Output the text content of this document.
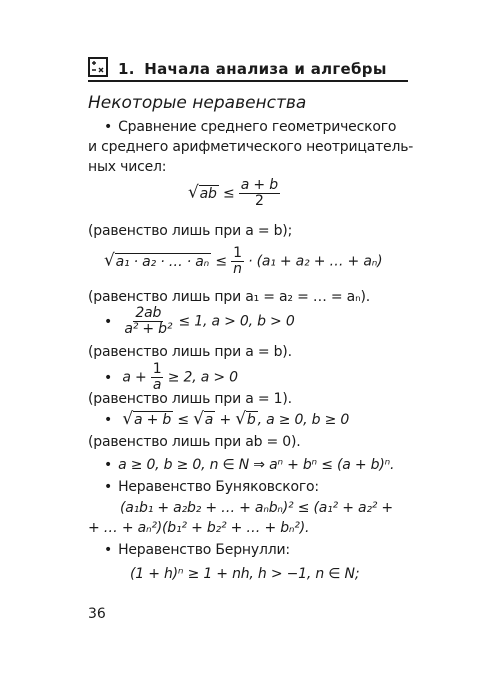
1. Начала анализа и алгебры
Некоторые неравенства
• Сравнение среднего геометрического
и среднего арифметического неотрицатель-
ных чисел:
$√ab \le \frac{a + b}{2}$
(равенство лишь при a = b);
√a₁ · a₂ · … · $a_n \le \frac{1}{n} \cdot (a_1 + a_2$ + … + aₙ)
(равенство лишь при a₁ = a₂ = … = aₙ).
• $\frac{2ab}{\text{a² + b²}} \le 1$, a > 0, b > 0
(равенство лишь при a = b).
• $a + \frac{1}{a} \ge 2$, a > 0
(равенство лишь при a = 1).
• √a + b ≤ √a + √b , a ≥ 0, b ≥ 0
(равенство лишь при ab = 0).
• a ≥ 0, b ≥ 0, n ∈ N ⇒ aⁿ + bⁿ ≤ (a + b)ⁿ.
• Неравенство Буняковского:
(a₁b₁ + a₂b₂ + … + aₙbₙ)² ≤ (a₁² + a₂² +
+ … + aₙ²)(b₁² + b₂² + … + bₙ²).
• Неравенство Бернулли:
(1 + h)ⁿ ≥ 1 + nh, h > −1, n ∈ N;
36
